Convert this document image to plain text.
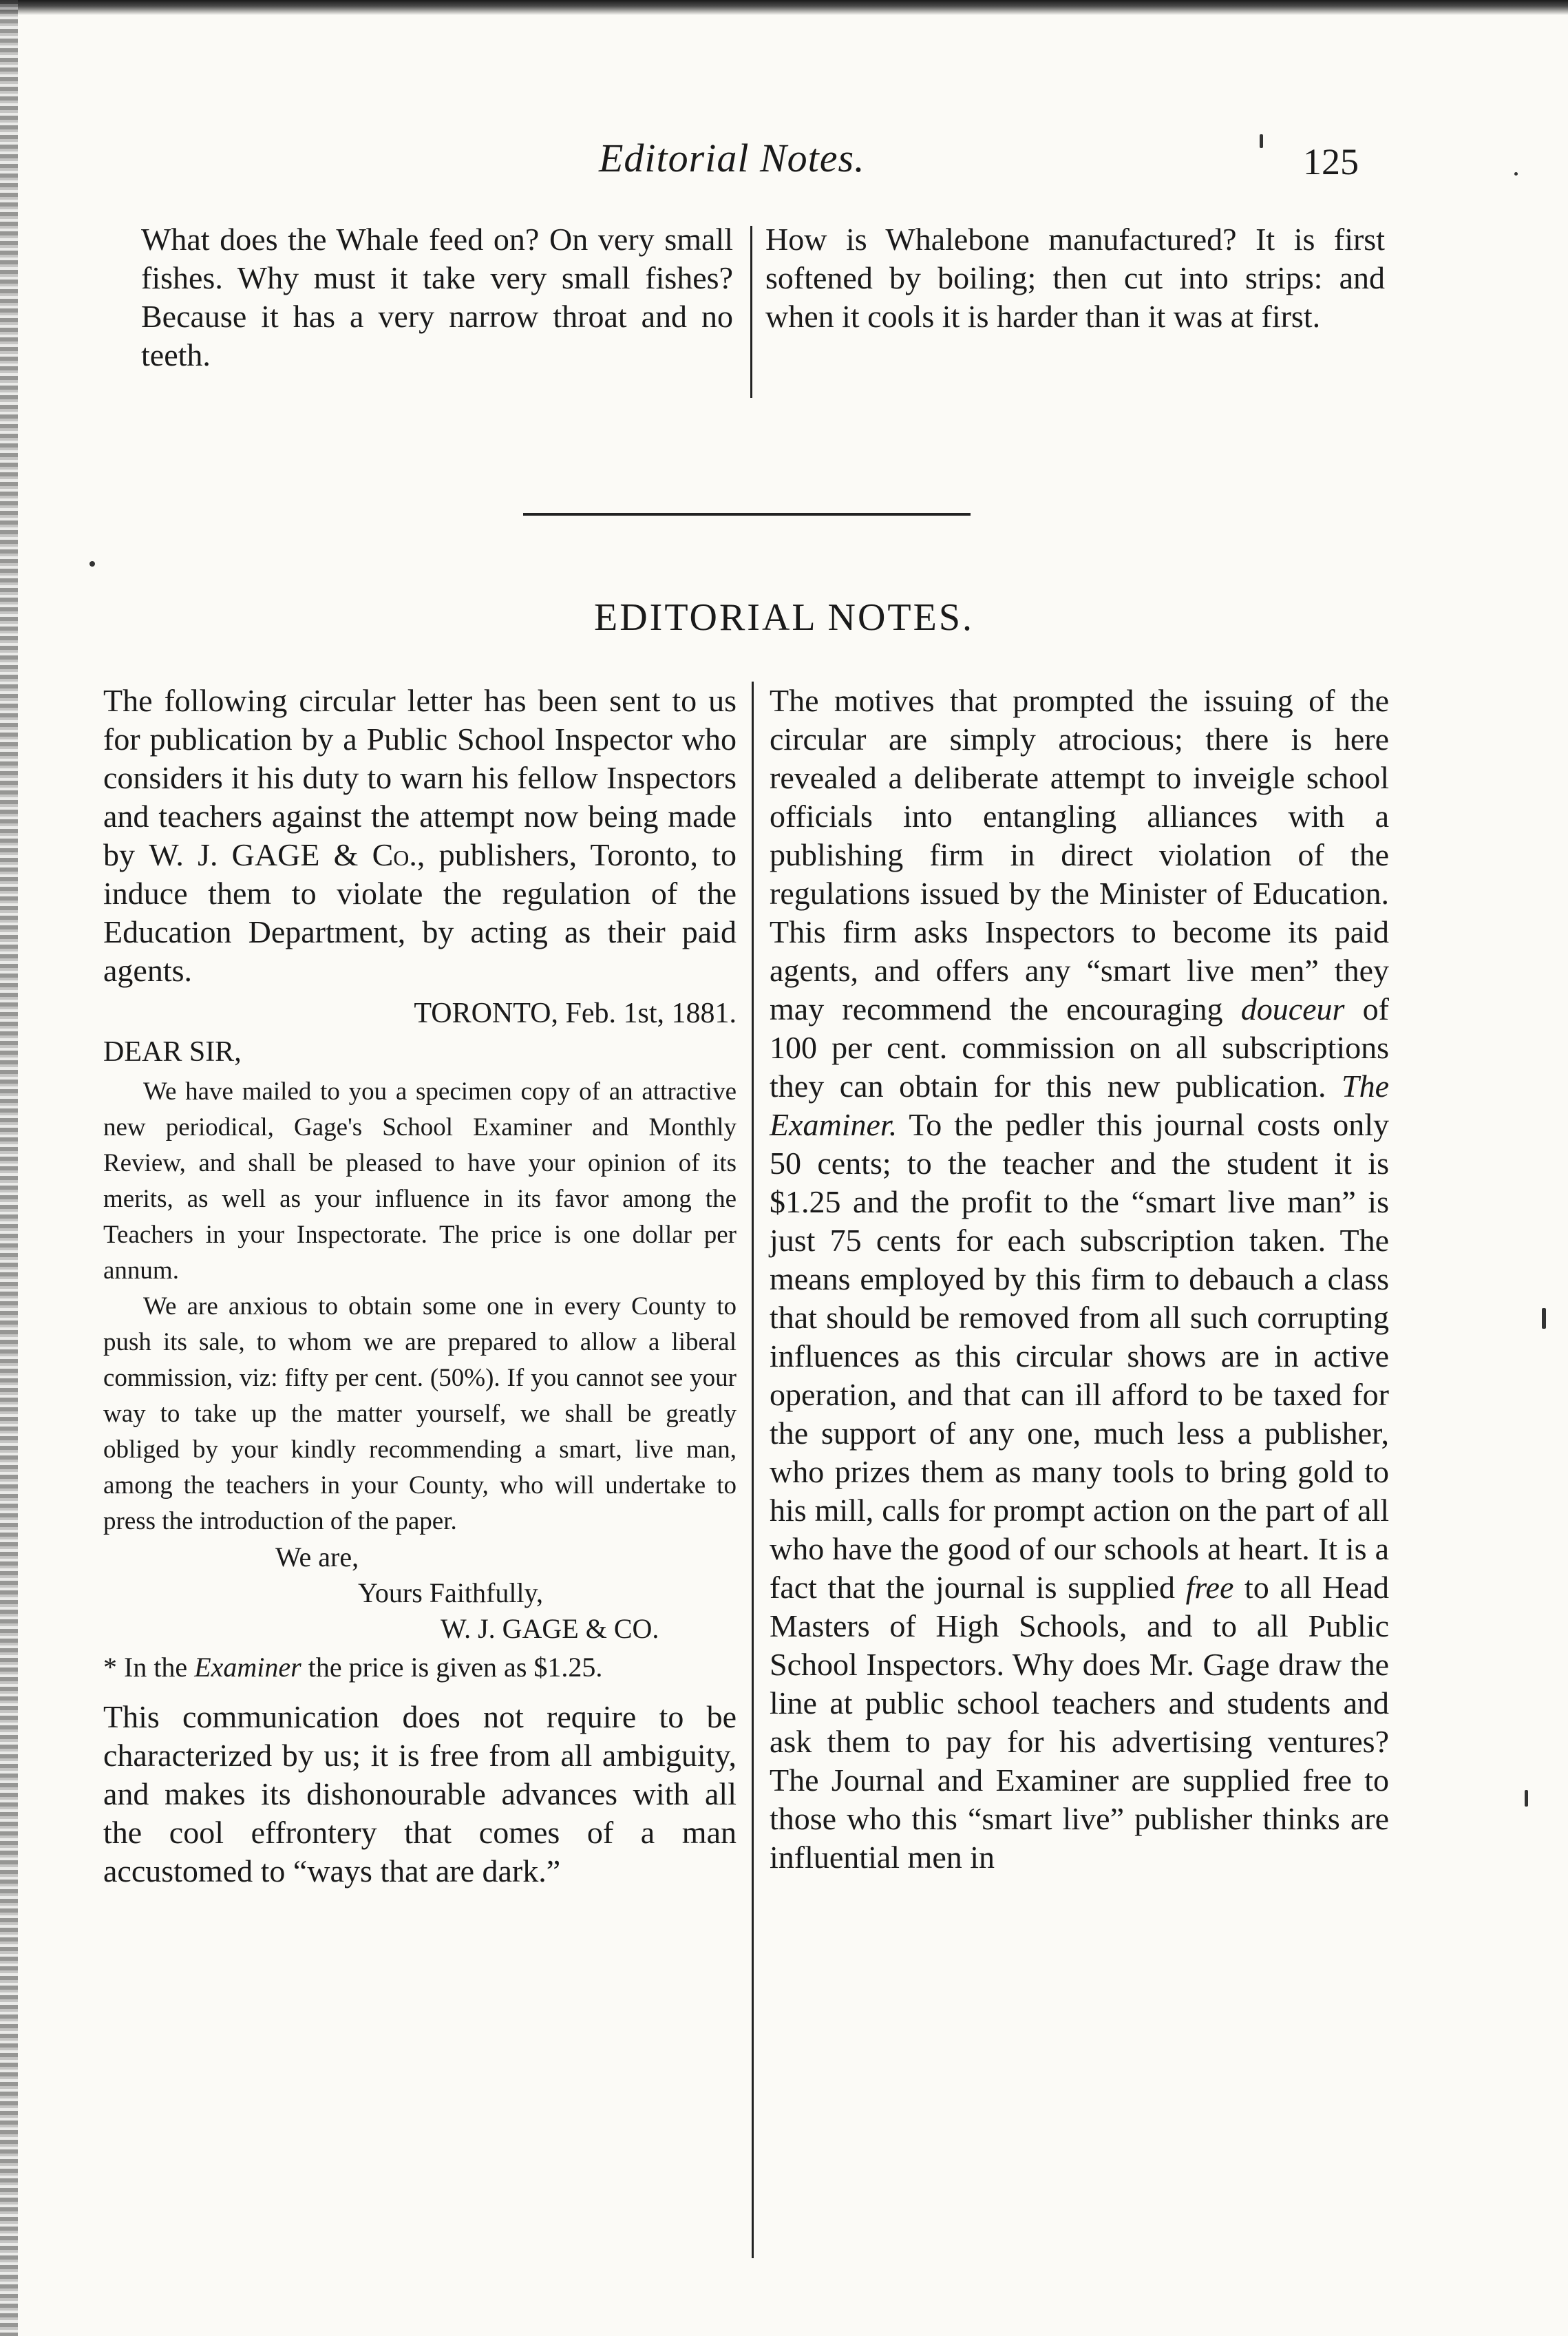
Editorial Notes.	125

What does the Whale feed on? On very small fishes. Why must it take very small fishes? Because it has a very narrow throat and no teeth.

How is Whalebone manufactured? It is first softened by boiling; then cut into strips: and when it cools it is harder than it was at first.

EDITORIAL NOTES.

The following circular letter has been sent to us for publication by a Public School Inspector who considers it his duty to warn his fellow Inspectors and teachers against the attempt now being made by W. J. GAGE & Co., publishers, Toronto, to induce them to violate the regulation of the Education Department, by acting as their paid agents.

TORONTO, Feb. 1st, 1881.
DEAR SIR,

We have mailed to you a specimen copy of an attractive new periodical, Gage's School Examiner and Monthly Review, and shall be pleased to have your opinion of its merits, as well as your influence in its favor among the Teachers in your Inspectorate. The price is one dollar per annum.

We are anxious to obtain some one in every County to push its sale, to whom we are prepared to allow a liberal commission, viz: fifty per cent. (50%). If you cannot see your way to take up the matter yourself, we shall be greatly obliged by your kindly recommending a smart, live man, among the teachers in your County, who will undertake to press the introduction of the paper.

We are,
Yours Faithfully,
W. J. GAGE & CO.
* In the Examiner the price is given as $1.25.

This communication does not require to be characterized by us; it is free from all ambiguity, and makes its dishonourable advances with all the cool effrontery that comes of a man accustomed to “ways that are dark.”

The motives that prompted the issuing of the circular are simply atrocious; there is here revealed a deliberate attempt to inveigle school officials into entangling alliances with a publishing firm in direct violation of the regulations issued by the Minister of Education. This firm asks Inspectors to become its paid agents, and offers any “smart live men” they may recommend the encouraging douceur of 100 per cent. commission on all subscriptions they can obtain for this new publication. The Examiner. To the pedler this journal costs only 50 cents; to the teacher and the student it is $1.25 and the profit to the “smart live man” is just 75 cents for each subscription taken. The means employed by this firm to debauch a class that should be removed from all such corrupting influences as this circular shows are in active operation, and that can ill afford to be taxed for the support of any one, much less a publisher, who prizes them as many tools to bring gold to his mill, calls for prompt action on the part of all who have the good of our schools at heart. It is a fact that the journal is supplied free to all Head Masters of High Schools, and to all Public School Inspectors. Why does Mr. Gage draw the line at public school teachers and students and ask them to pay for his advertising ventures? The Journal and Examiner are supplied free to those who this “smart live” publisher thinks are influential men in
